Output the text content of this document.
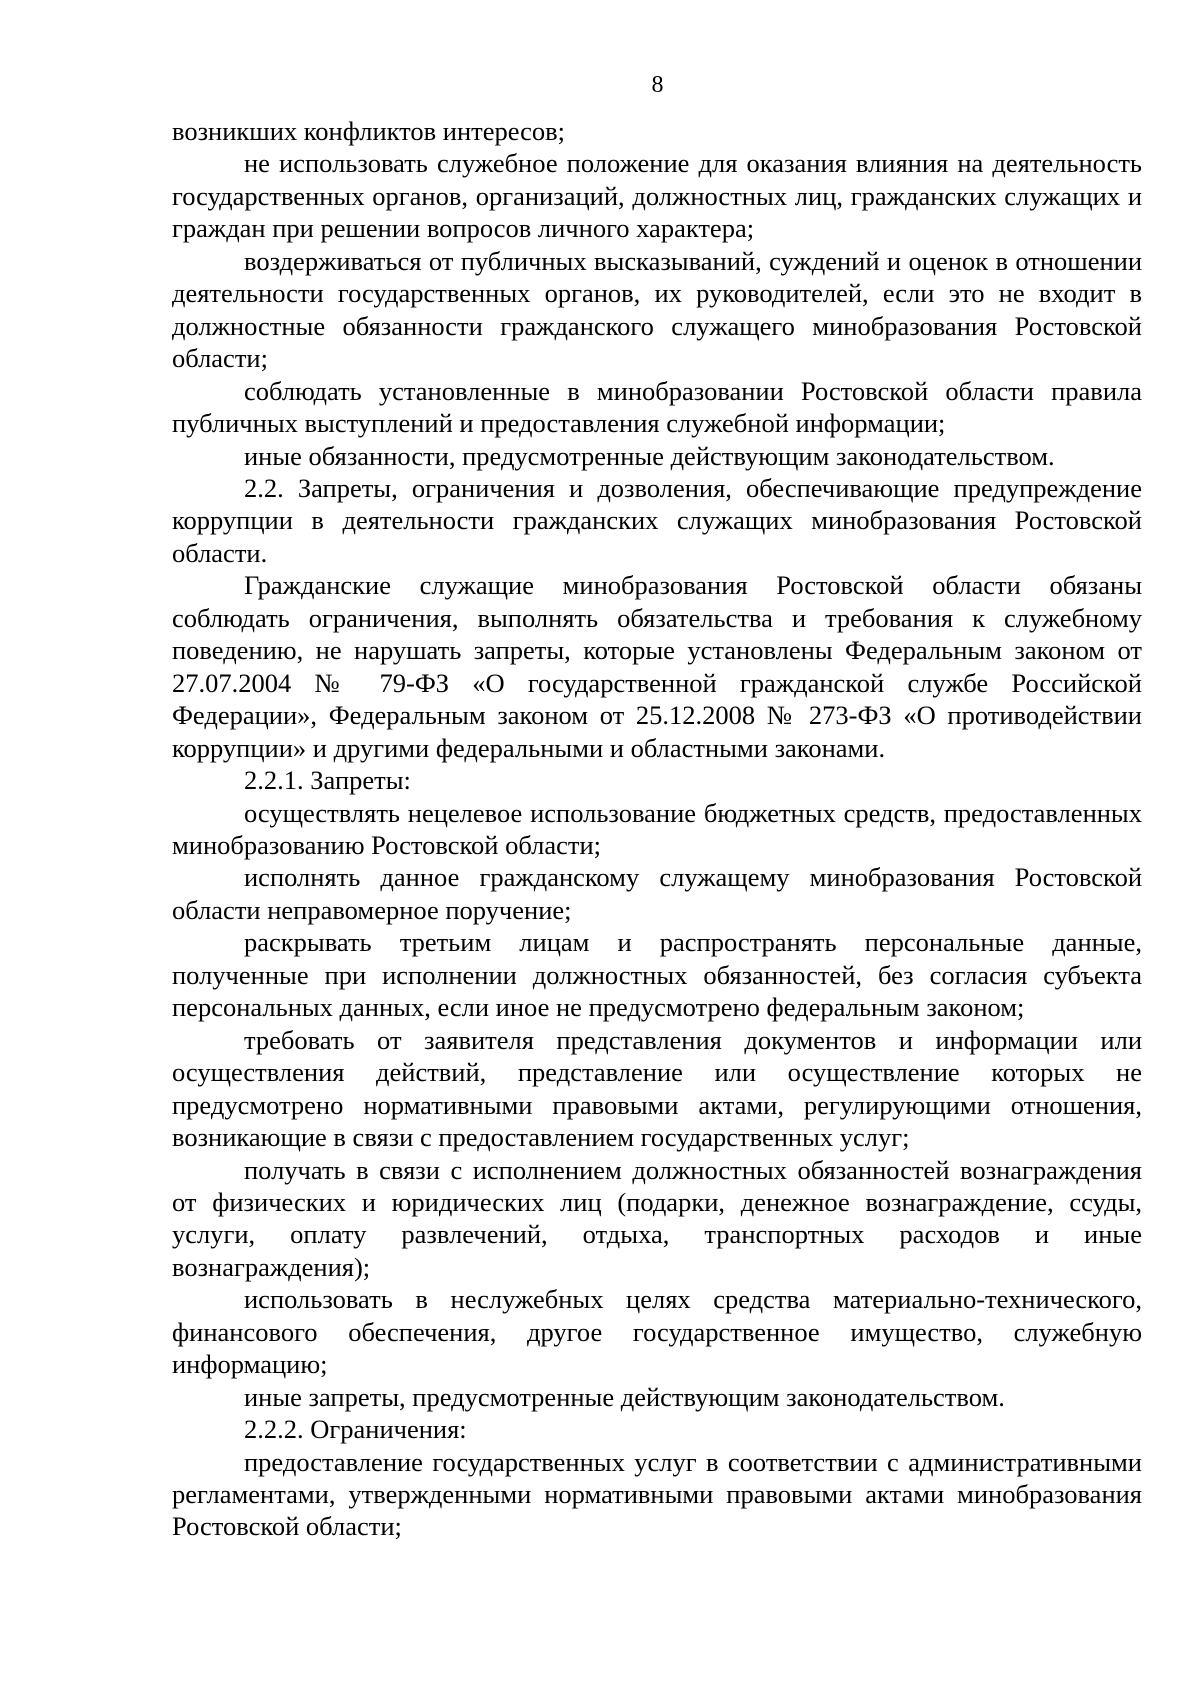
8

возникших конфликтов интересов;

не использовать служебное положение для оказания влияния на деятельность государственных органов, организаций, должностных лиц, гражданских служащих и граждан при решении вопросов личного характера;

воздерживаться от публичных высказываний, суждений и оценок в отношении деятельности государственных органов, их руководителей, если это не входит в должностные обязанности гражданского служащего минобразования Ростовской области;

соблюдать установленные в минобразовании Ростовской области правила публичных выступлений и предоставления служебной информации;

иные обязанности, предусмотренные действующим законодательством.

2.2. Запреты, ограничения и дозволения, обеспечивающие предупреждение коррупции в деятельности гражданских служащих минобразования Ростовской области.

Гражданские служащие минобразования Ростовской области обязаны соблюдать ограничения, выполнять обязательства и требования к служебному поведению, не нарушать запреты, которые установлены Федеральным законом от 27.07.2004 № 79-ФЗ «О государственной гражданской службе Российской Федерации», Федеральным законом от 25.12.2008 № 273-ФЗ «О противодействии коррупции» и другими федеральными и областными законами.

2.2.1. Запреты:

осуществлять нецелевое использование бюджетных средств, предоставленных минобразованию Ростовской области;

исполнять данное гражданскому служащему минобразования Ростовской области неправомерное поручение;

раскрывать третьим лицам и распространять персональные данные, полученные при исполнении должностных обязанностей, без согласия субъекта персональных данных, если иное не предусмотрено федеральным законом;

требовать от заявителя представления документов и информации или осуществления действий, представление или осуществление которых не предусмотрено нормативными правовыми актами, регулирующими отношения, возникающие в связи с предоставлением государственных услуг;

получать в связи с исполнением должностных обязанностей вознаграждения от физических и юридических лиц (подарки, денежное вознаграждение, ссуды, услуги, оплату развлечений, отдыха, транспортных расходов и иные вознаграждения);

использовать в неслужебных целях средства материально-технического, финансового обеспечения, другое государственное имущество, служебную информацию;

иные запреты, предусмотренные действующим законодательством.

2.2.2. Ограничения:

предоставление государственных услуг в соответствии с административными регламентами, утвержденными нормативными правовыми актами минобразования Ростовской области;
